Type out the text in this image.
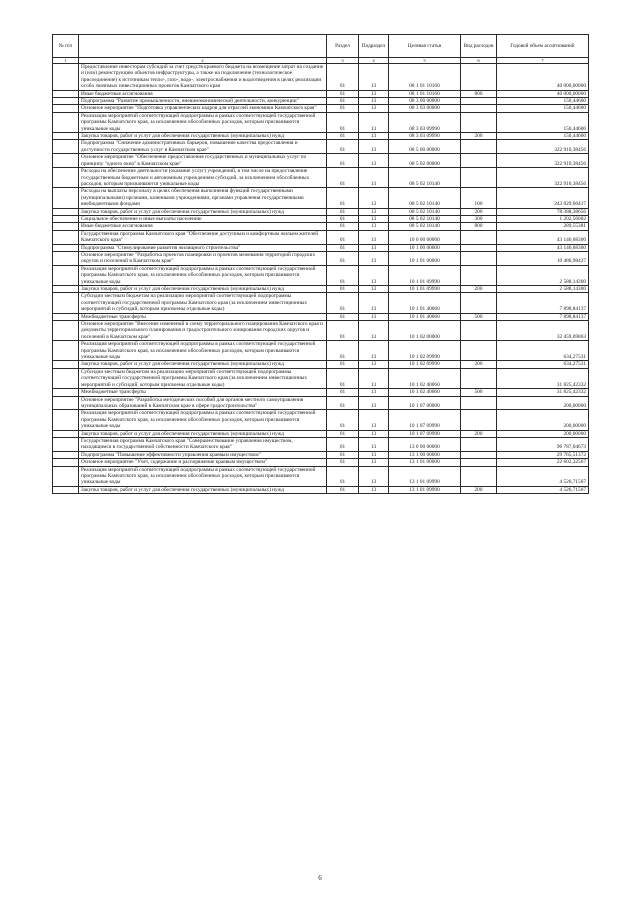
№ п/п		Раздел	Подраздел	Целевая статья	Вид расходов	Годовой объем ассигнований
1	2	3	4	5	6	7
	Предоставление инвесторам субсидий за счет средств краевого бюджета на возмещение затрат на создание и (или) реконструкцию объектов инфраструктуры, а также на подключение (технологическое присоединение) к источникам тепло-, газо-, водо-, электроснабжения и водоотведения в целях реализации особо значимых инвестиционных проектов Камчатского края	01	13	08 1 01 10160		40 000,00000
	Иные бюджетные ассигнования	01	13	08 1 01 10160	800	40 000,00000
	Подпрограмма "Развитие промышленности, внешнеэкономической деятельности, конкуренции"	01	13	08 3 00 00000		150,44600
	Основное мероприятие "Подготовка управленческих кадров для отраслей экономики Камчатского края"	01	13	08 3 03 00000		150,44600
	Реализация мероприятий соответствующей подпрограммы в рамках соответствующей государственной программы Камчатского края, за исключением обособленных расходов, которым присваиваются уникальные коды	01	13	08 3 03 09990		150,44600
	Закупка товаров, работ и услуг для обеспечения государственных (муниципальных) нужд	01	13	08 3 03 09990	200	150,44600
	Подпрограмма "Снижение административных барьеров, повышение качества предоставления и доступности государственных услуг в Камчатском крае"	01	13	08 5 00 00000		322 910,38456
	Основное мероприятие "Обеспечение предоставления государственных и муниципальных услуг по принципу "одного окна" в Камчатском крае"	01	13	08 5 02 00000		322 910,38456
	Расходы на обеспечение деятельности (оказание услуг) учреждений, в том числе на предоставление государственным бюджетным и автономным учреждениям субсидий, за исключением обособленных расходов, которым присваиваются уникальные коды	01	13	08 5 02 10140		322 910,38456
	Расходы на выплаты персоналу в целях обеспечения выполнения функций государственными (муниципальными) органами, казенными учреждениями, органами управления государственными внебюджетными фондами	01	13	08 5 02 10140	100	243 029,66417
	Закупка товаров, работ и услуг для обеспечения государственных (муниципальных) нужд	01	13	08 5 02 10140	200	78 388,38656
	Социальное обеспечение и иные выплаты населению	01	13	08 5 02 10140	300	1 202,56002
	Иные бюджетные ассигнования	01	13	08 5 02 10140	800	289,55381
	Государственная программа Камчатского края "Обеспечение доступным и комфортным жильем жителей Камчатского края"	01	13	10 0 00 00000		43 146,68300
	Подпрограмма "Стимулирование развития жилищного строительства"	01	13	10 1 00 00000		43 146,68300
	Основное мероприятие "Разработка проектов планировки и проектов межевания территорий городских округов и поселений в Камчатском крае"	01	13	10 1 01 00000		10 486,98437
	Реализация мероприятий соответствующей подпрограммы в рамках соответствующей государственной программы Камчатского края, за исключением обособленных расходов, которым присваиваются уникальные коды	01	13	10 1 01 09990		2 588,14300
	Закупка товаров, работ и услуг для обеспечения государственных (муниципальных) нужд	01	13	10 1 01 09990	200	2 588,14300
	Субсидии местным бюджетам на реализацию мероприятий соответствующей подпрограммы соответствующей государственной программы Камчатского края (за исключением инвестиционных мероприятий и субсидий, которым присвоены отдельные коды)	01	13	10 1 01 40060		7 898,84137
	Межбюджетные трансферты	01	13	10 1 01 40060	500	7 898,84137
	Основное мероприятие "Внесение изменений в схему территориального планирования Камчатского края и документы территориального планирования и градостроительного зонирования городских округов и поселений в Камчатском крае"	01	13	10 1 02 00000		32 459,69863
	Реализация мероприятий соответствующей подпрограммы в рамках соответствующей государственной программы Камчатского края, за исключением обособленных расходов, которым присваиваются уникальные коды	01	13	10 1 02 09990		634,27531
	Закупка товаров, работ и услуг для обеспечения государственных (муниципальных) нужд	01	13	10 1 02 09990	200	634,27531
	Субсидии местным бюджетам на реализацию мероприятий соответствующей подпрограммы соответствующей государственной программы Камчатского края (за исключением инвестиционных мероприятий и субсидий, которым присвоены отдельные коды)	01	13	10 1 02 40060		31 825,42332
	Межбюджетные трансферты	01	13	10 1 02 40060	500	31 825,42332
	Основное мероприятие "Разработка методических пособий для органов местного самоуправления муниципальных образований в Камчатском крае в сфере градостроительства"	01	13	10 1 07 00000		200,00000
	Реализация мероприятий соответствующей подпрограммы в рамках соответствующей государственной программы Камчатского края, за исключением обособленных расходов, которым присваиваются уникальные коды	01	13	10 1 07 09990		200,00000
	Закупка товаров, работ и услуг для обеспечения государственных (муниципальных) нужд	01	13	10 1 07 09990	200	200,00000
	Государственная программа Камчатского края "Совершенствование управления имуществом, находящимся в государственной собственности Камчатского края"	01	13	13 0 00 00000		96 787,04673
	Подпрограмма "Повышение эффективности управления краевым имуществом"	01	13	13 1 00 00000		29 765,51372
	Основное мероприятие "Учет, содержание и распоряжение краевым имуществом"	01	13	13 1 01 00000		22 602,32567
	Реализация мероприятий соответствующей подпрограммы в рамках соответствующей государственной программы Камчатского края, за исключением обособленных расходов, которым присваиваются уникальные коды	01	13	13 1 01 09990		4 526,71567
	Закупка товаров, работ и услуг для обеспечения государственных (муниципальных) нужд	01	13	13 1 01 09990	200	4 526,71567
6
